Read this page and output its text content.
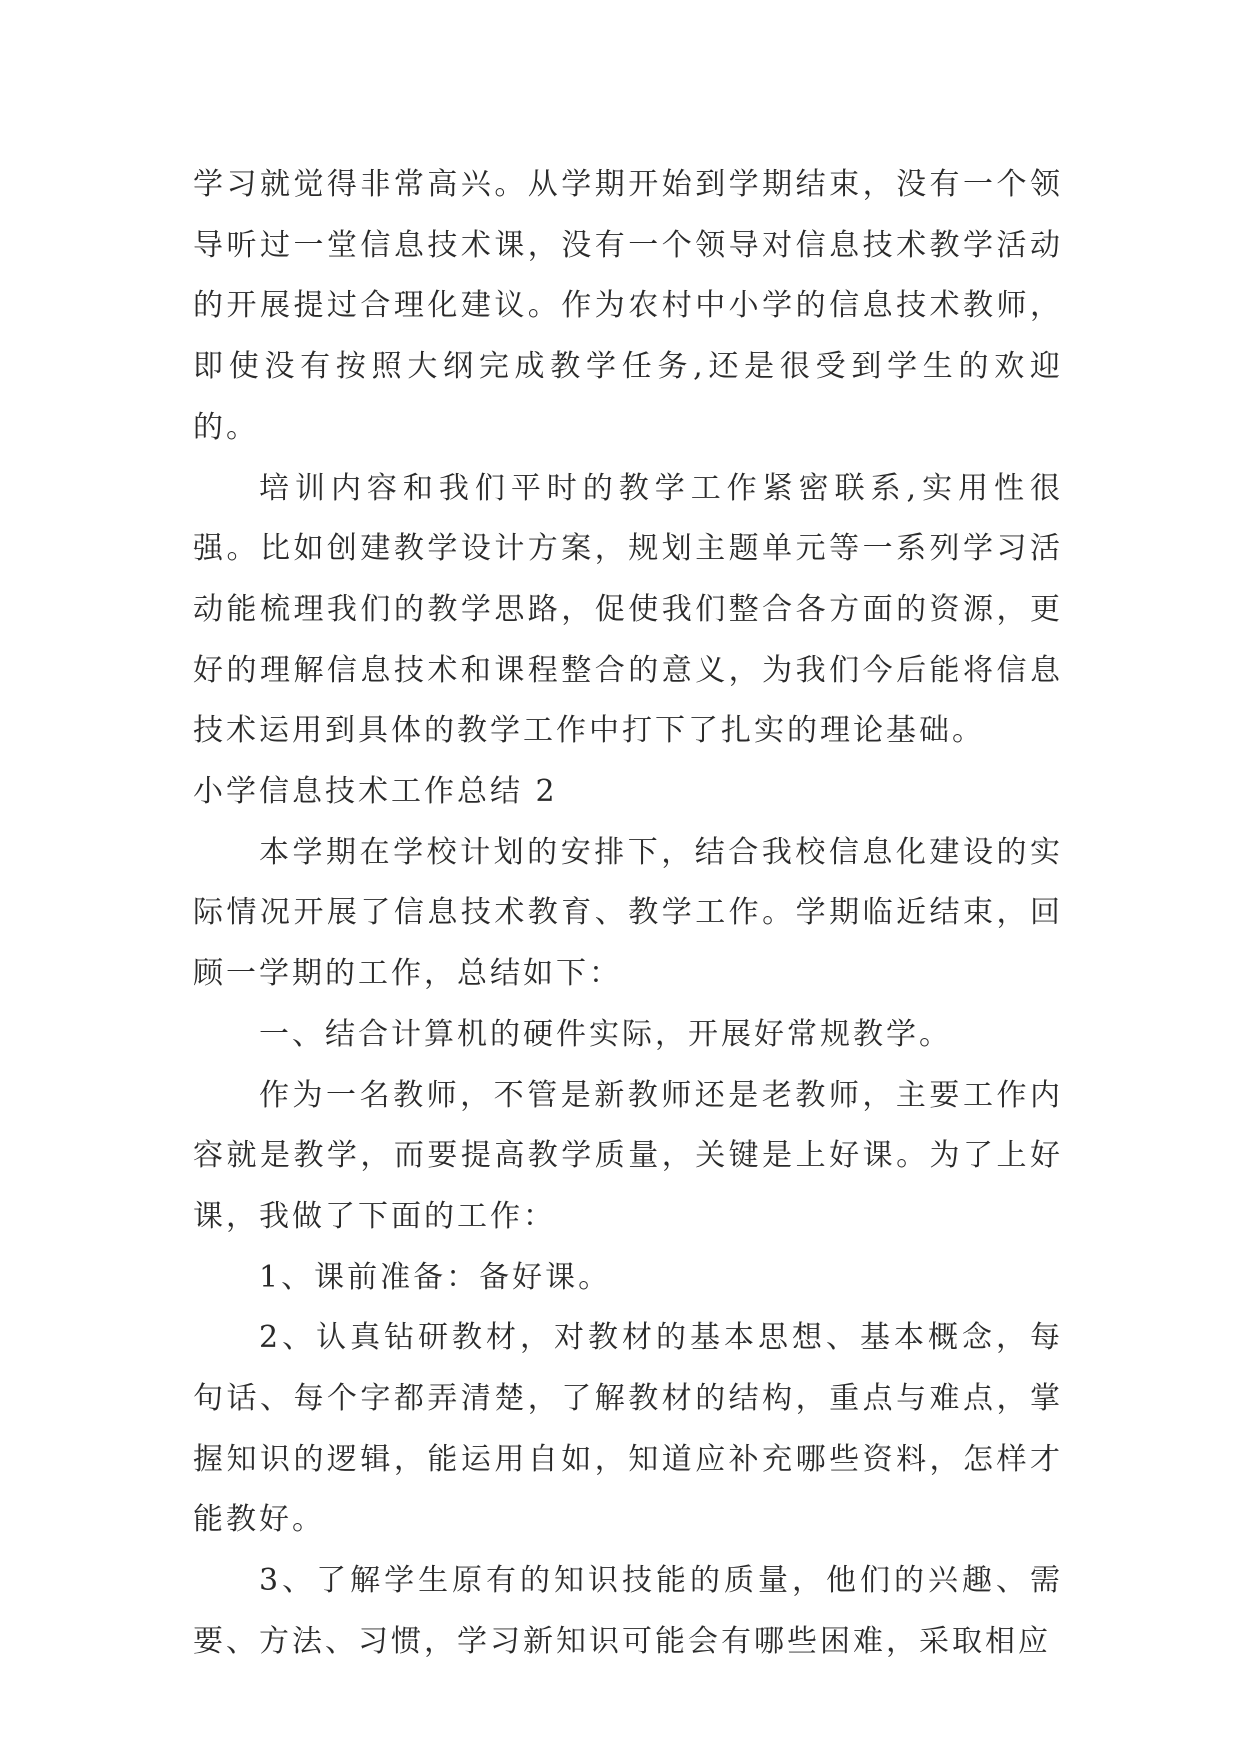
学习就觉得非常高兴。从学期开始到学期结束，没有一个领导听过一堂信息技术课，没有一个领导对信息技术教学活动的开展提过合理化建议。作为农村中小学的信息技术教师，即使没有按照大纲完成教学任务,还是很受到学生的欢迎的。

培训内容和我们平时的教学工作紧密联系,实用性很强。比如创建教学设计方案，规划主题单元等一系列学习活动能梳理我们的教学思路，促使我们整合各方面的资源，更好的理解信息技术和课程整合的意义，为我们今后能将信息技术运用到具体的教学工作中打下了扎实的理论基础。

小学信息技术工作总结 2

本学期在学校计划的安排下，结合我校信息化建设的实际情况开展了信息技术教育、教学工作。学期临近结束，回顾一学期的工作，总结如下：

一、结合计算机的硬件实际，开展好常规教学。

作为一名教师，不管是新教师还是老教师，主要工作内容就是教学，而要提高教学质量，关键是上好课。为了上好课，我做了下面的工作：

1、课前准备：备好课。

2、认真钻研教材，对教材的基本思想、基本概念，每句话、每个字都弄清楚，了解教材的结构，重点与难点，掌握知识的逻辑，能运用自如，知道应补充哪些资料，怎样才能教好。

3、了解学生原有的知识技能的质量，他们的兴趣、需要、方法、习惯，学习新知识可能会有哪些困难，采取相应
